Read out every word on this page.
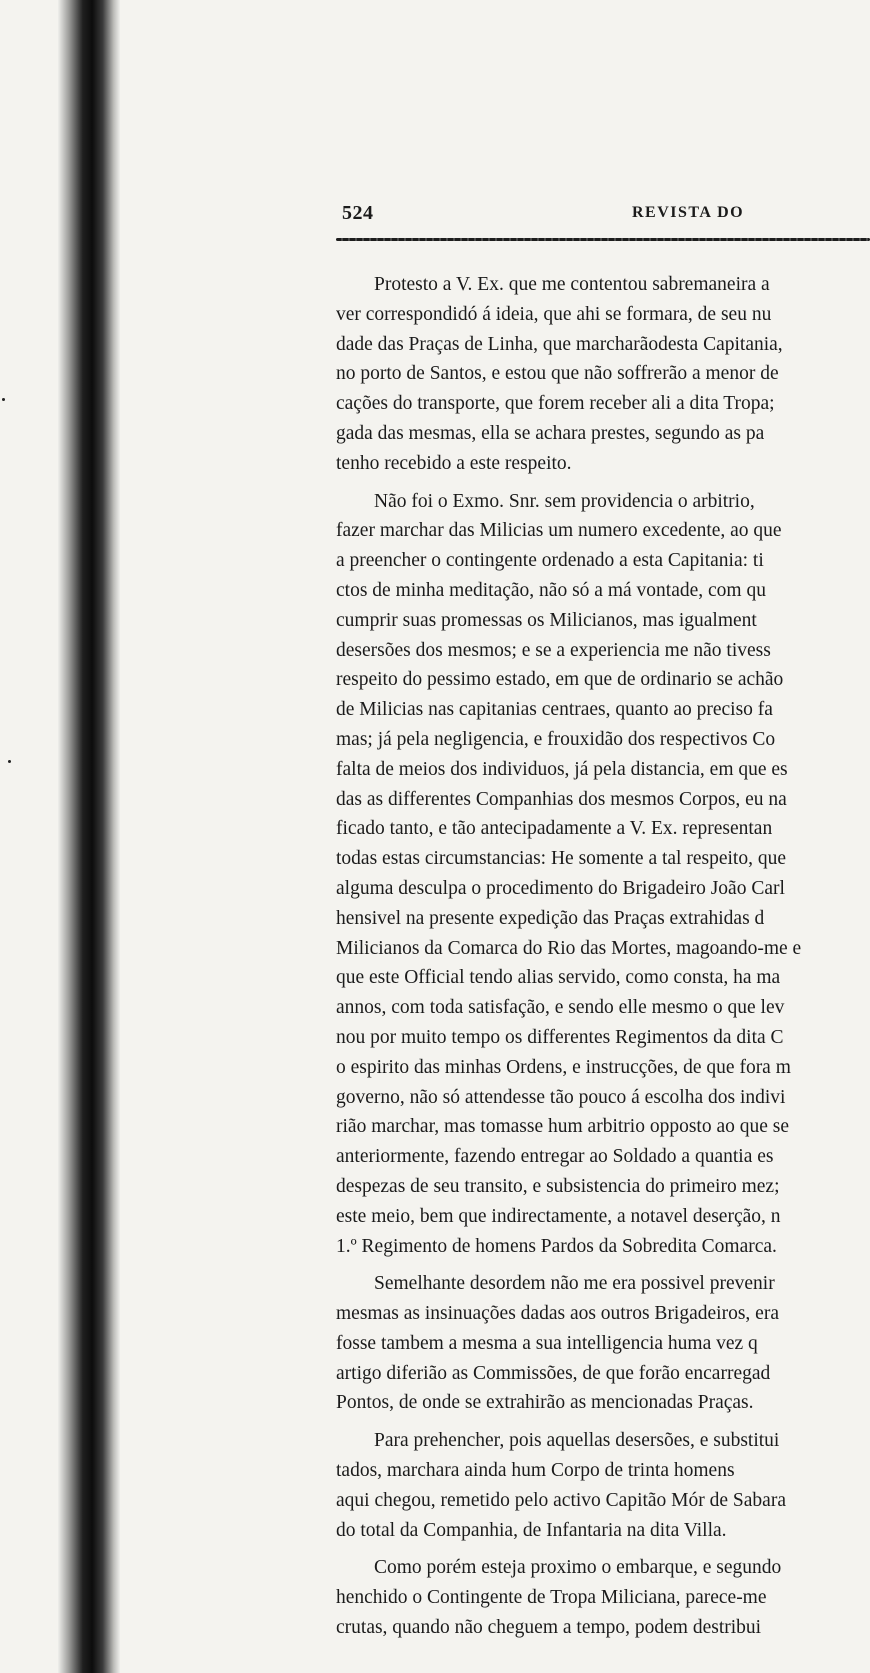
524	REVISTA DO
Protesto a V. Ex. que me contentou sabremaneira a
ver correspondidó á ideia, que ahi se formara, de seu nu
dade das Praças de Linha, que marcharãodesta Capitania,
no porto de Santos, e estou que não soffrerão a menor de
cações do transporte, que forem receber ali a dita Tropa;
gada das mesmas, ella se achara prestes, segundo as pa
tenho recebido a este respeito.
Não foi o Exmo. Snr. sem providencia o arbitrio,
fazer marchar das Milicias um numero excedente, ao que
a preencher o contingente ordenado a esta Capitania: ti
ctos de minha meditação, não só a má vontade, com qu
cumprir suas promessas os Milicianos, mas igualment
desersões dos mesmos; e se a experiencia me não tivess
respeito do pessimo estado, em que de ordinario se achão
de Milicias nas capitanias centraes, quanto ao preciso fa
mas; já pela negligencia, e frouxidão dos respectivos Co
falta de meios dos individuos, já pela distancia, em que es
das as differentes Companhias dos mesmos Corpos, eu na
ficado tanto, e tão antecipadamente a V. Ex. representan
todas estas circumstancias: He somente a tal respeito, que
alguma desculpa o procedimento do Brigadeiro João Carl
hensivel na presente expedição das Praças extrahidas d
Milicianos da Comarca do Rio das Mortes, magoando-me e
que este Official tendo alias servido, como consta, ha ma
annos, com toda satisfação, e sendo elle mesmo o que lev
nou por muito tempo os differentes Regimentos da dita C
o espirito das minhas Ordens, e instrucções, de que fora m
governo, não só attendesse tão pouco á escolha dos indivi
rião marchar, mas tomasse hum arbitrio opposto ao que se
anteriormente, fazendo entregar ao Soldado a quantia es
despezas de seu transito, e subsistencia do primeiro mez;
este meio, bem que indirectamente, a notavel deserção, n
1.º Regimento de homens Pardos da Sobredita Comarca.
Semelhante desordem não me era possivel prevenir
mesmas as insinuações dadas aos outros Brigadeiros, era
fosse tambem a mesma a sua intelligencia huma vez q
artigo diferião as Commissões, de que forão encarregad
Pontos, de onde se extrahirão as mencionadas Praças.
Para prehencher, pois aquellas desersões, e substitui
tados, marchara ainda hum Corpo de trinta homens
aqui chegou, remetido pelo activo Capitão Mór de Sabara
do total da Companhia, de Infantaria na dita Villa.
Como porém esteja proximo o embarque, e segundo
henchido o Contingente de Tropa Miliciana, parece-me
crutas, quando não cheguem a tempo, podem destribui
